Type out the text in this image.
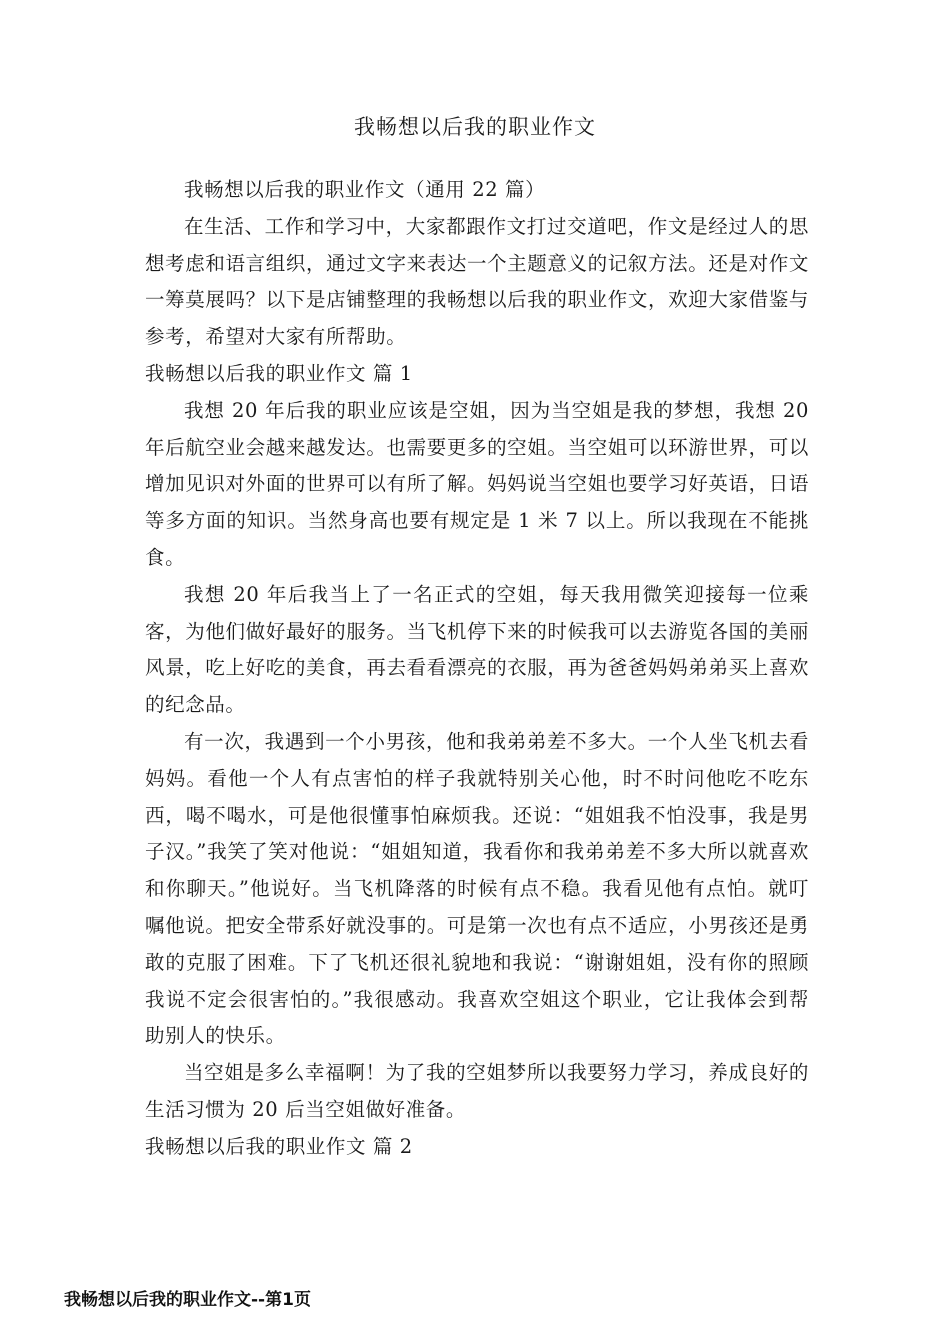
我畅想以后我的职业作文

我畅想以后我的职业作文（通用 22 篇）

在生活、工作和学习中，大家都跟作文打过交道吧，作文是经过人的思想考虑和语言组织，通过文字来表达一个主题意义的记叙方法。还是对作文一筹莫展吗？以下是店铺整理的我畅想以后我的职业作文，欢迎大家借鉴与参考，希望对大家有所帮助。

我畅想以后我的职业作文 篇 1

我想 20 年后我的职业应该是空姐，因为当空姐是我的梦想，我想 20 年后航空业会越来越发达。也需要更多的空姐。当空姐可以环游世界，可以增加见识对外面的世界可以有所了解。妈妈说当空姐也要学习好英语，日语等多方面的知识。当然身高也要有规定是 1 米 7 以上。所以我现在不能挑食。

我想 20 年后我当上了一名正式的空姐，每天我用微笑迎接每一位乘客，为他们做好最好的服务。当飞机停下来的时候我可以去游览各国的美丽风景，吃上好吃的美食，再去看看漂亮的衣服，再为爸爸妈妈弟弟买上喜欢的纪念品。

有一次，我遇到一个小男孩，他和我弟弟差不多大。一个人坐飞机去看妈妈。看他一个人有点害怕的样子我就特别关心他，时不时问他吃不吃东西，喝不喝水，可是他很懂事怕麻烦我。还说：“姐姐我不怕没事，我是男子汉。”我笑了笑对他说：“姐姐知道，我看你和我弟弟差不多大所以就喜欢和你聊天。”他说好。当飞机降落的时候有点不稳。我看见他有点怕。就叮嘱他说。把安全带系好就没事的。可是第一次也有点不适应，小男孩还是勇敢的克服了困难。下了飞机还很礼貌地和我说：“谢谢姐姐，没有你的照顾我说不定会很害怕的。”我很感动。我喜欢空姐这个职业，它让我体会到帮助别人的快乐。

当空姐是多么幸福啊！为了我的空姐梦所以我要努力学习，养成良好的生活习惯为 20 后当空姐做好准备。

我畅想以后我的职业作文 篇 2
我畅想以后我的职业作文--第1页
